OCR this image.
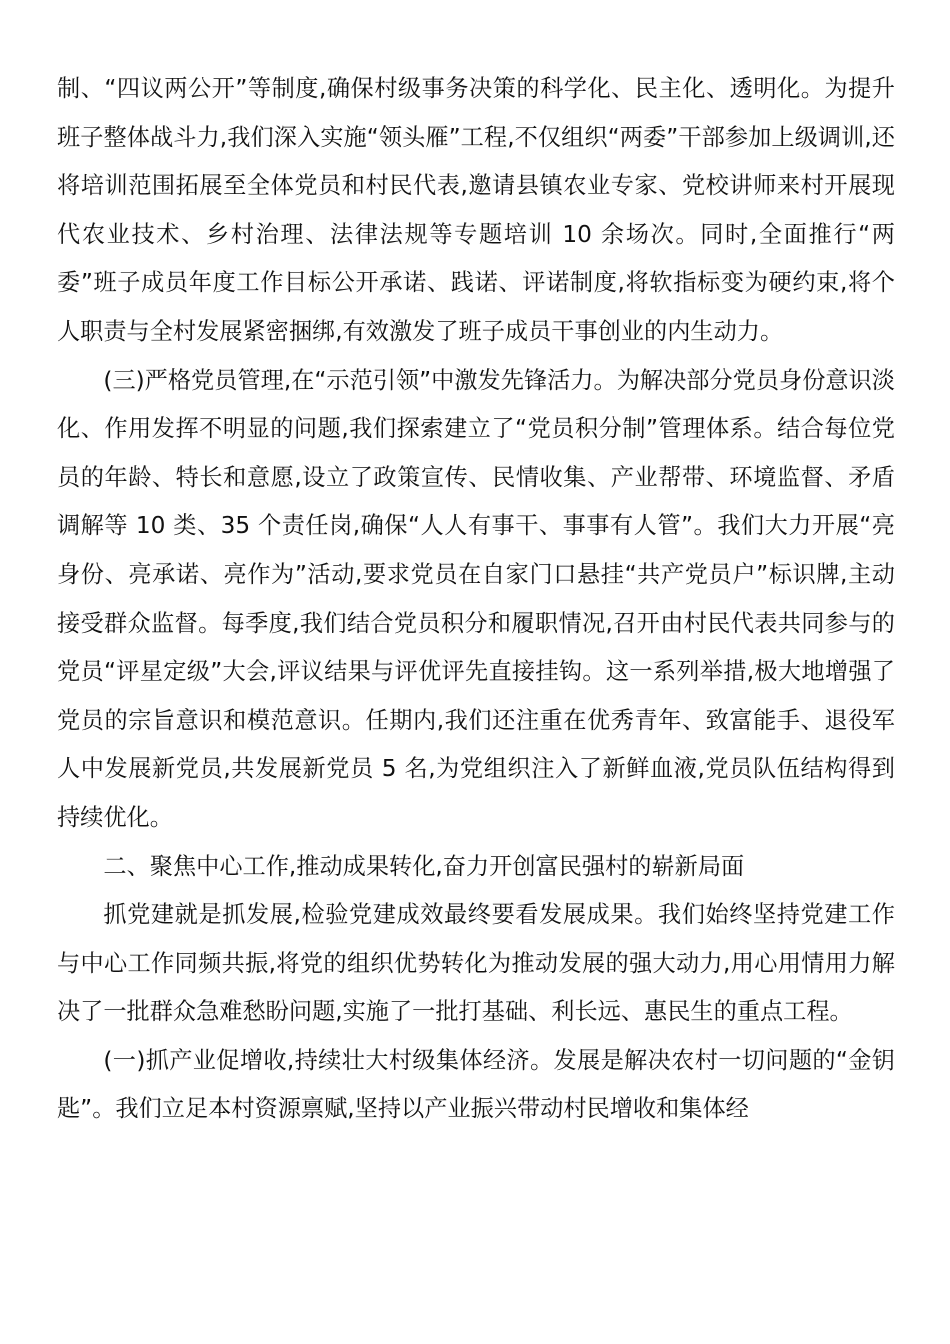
制、“四议两公开”等制度,确保村级事务决策的科学化、民主化、透明化。为提升班子整体战斗力,我们深入实施“领头雁”工程,不仅组织“两委”干部参加上级调训,还将培训范围拓展至全体党员和村民代表,邀请县镇农业专家、党校讲师来村开展现代农业技术、乡村治理、法律法规等专题培训 10 余场次。同时,全面推行“两委”班子成员年度工作目标公开承诺、践诺、评诺制度,将软指标变为硬约束,将个人职责与全村发展紧密捆绑,有效激发了班子成员干事创业的内生动力。

(三)严格党员管理,在“示范引领”中激发先锋活力。为解决部分党员身份意识淡化、作用发挥不明显的问题,我们探索建立了“党员积分制”管理体系。结合每位党员的年龄、特长和意愿,设立了政策宣传、民情收集、产业帮带、环境监督、矛盾调解等 10 类、35 个责任岗,确保“人人有事干、事事有人管”。我们大力开展“亮身份、亮承诺、亮作为”活动,要求党员在自家门口悬挂“共产党员户”标识牌,主动接受群众监督。每季度,我们结合党员积分和履职情况,召开由村民代表共同参与的党员“评星定级”大会,评议结果与评优评先直接挂钩。这一系列举措,极大地增强了党员的宗旨意识和模范意识。任期内,我们还注重在优秀青年、致富能手、退役军人中发展新党员,共发展新党员 5 名,为党组织注入了新鲜血液,党员队伍结构得到持续优化。

二、聚焦中心工作,推动成果转化,奋力开创富民强村的崭新局面

抓党建就是抓发展,检验党建成效最终要看发展成果。我们始终坚持党建工作与中心工作同频共振,将党的组织优势转化为推动发展的强大动力,用心用情用力解决了一批群众急难愁盼问题,实施了一批打基础、利长远、惠民生的重点工程。

(一)抓产业促增收,持续壮大村级集体经济。发展是解决农村一切问题的“金钥匙”。我们立足本村资源禀赋,坚持以产业振兴带动村民增收和集体经
